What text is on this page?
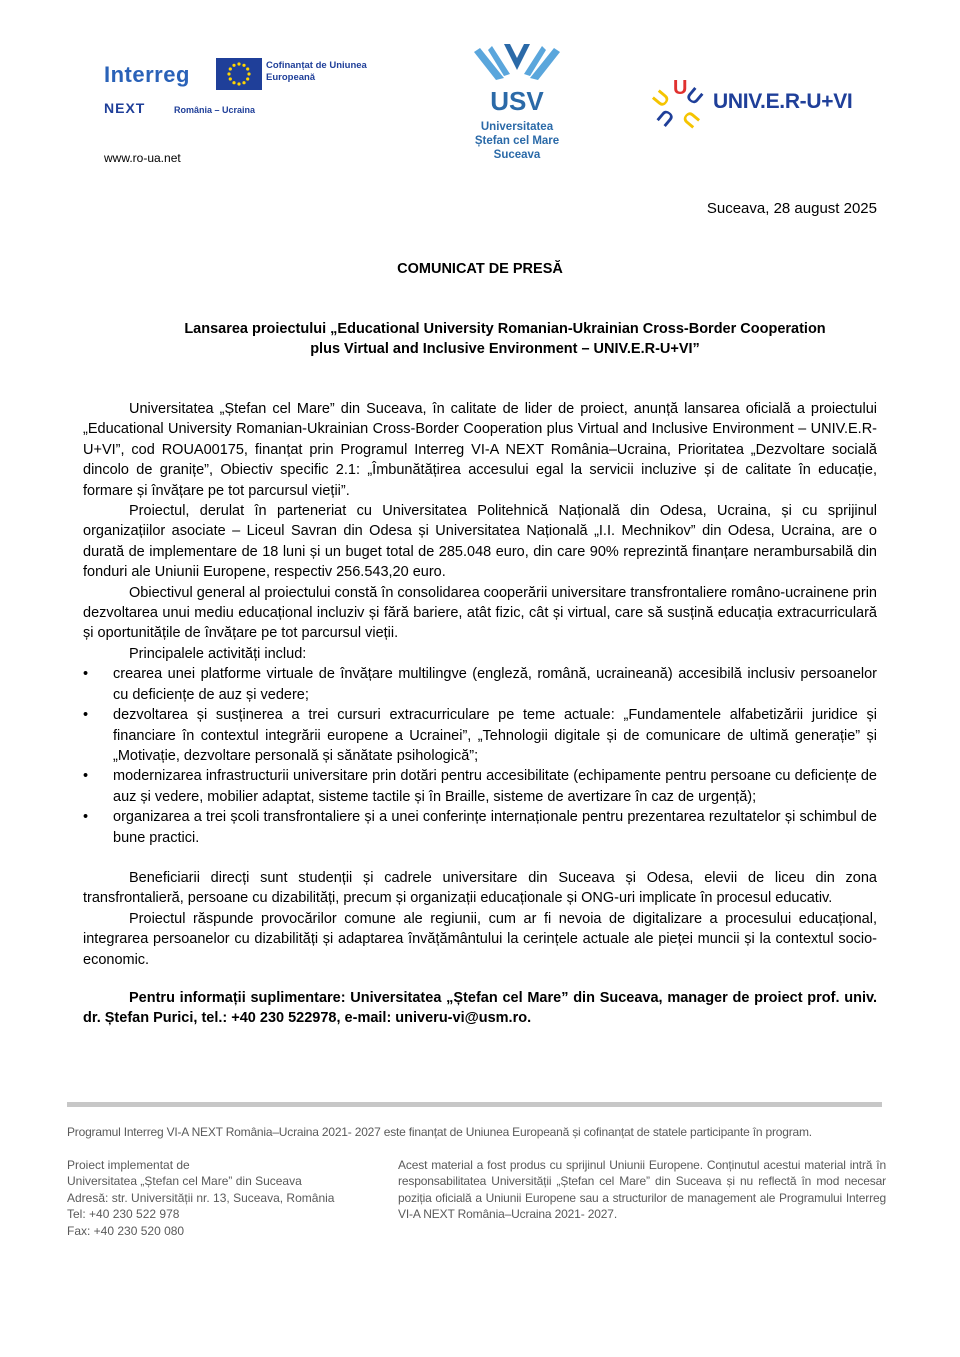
Interreg	Cofinanțat de Uniunea Europeană
NEXT	România – Ucraina
www.ro-ua.net
USV
Universitatea
Ștefan cel Mare
Suceava
U
U
U
U
U UNIV.E.R-U+VI
Suceava, 28 august 2025
COMUNICAT DE PRESĂ
Lansarea proiectului „Educational University Romanian-Ukrainian Cross-Border Cooperation
plus Virtual and Inclusive Environment – UNIV.E.R-U+VI”

Universitatea „Ștefan cel Mare” din Suceava, în calitate de lider de proiect, anunță lansarea oficială a proiectului „Educational University Romanian-Ukrainian Cross-Border Cooperation plus Virtual and Inclusive Environment – UNIV.E.R-U+VI”, cod ROUA00175, finanțat prin Programul Interreg VI-A NEXT România–Ucraina, Prioritatea „Dezvoltare socială dincolo de granițe”, Obiectiv specific 2.1: „Îmbunătățirea accesului egal la servicii incluzive și de calitate în educație, formare și învățare pe tot parcursul vieții”.

Proiectul, derulat în parteneriat cu Universitatea Politehnică Națională din Odesa, Ucraina, și cu sprijinul organizațiilor asociate – Liceul Savran din Odesa și Universitatea Națională „I.I. Mechnikov” din Odesa, Ucraina, are o durată de implementare de 18 luni și un buget total de 285.048 euro, din care 90% reprezintă finanțare nerambursabilă din fonduri ale Uniunii Europene, respectiv 256.543,20 euro.

Obiectivul general al proiectului constă în consolidarea cooperării universitare transfrontaliere româno-ucrainene prin dezvoltarea unui mediu educațional incluziv și fără bariere, atât fizic, cât și virtual, care să susțină educația extracurriculară și oportunitățile de învățare pe tot parcursul vieții.

Principalele activități includ:

• crearea unei platforme virtuale de învățare multilingve (engleză, română, ucraineană) accesibilă inclusiv persoanelor cu deficiențe de auz și vedere;
• dezvoltarea și susținerea a trei cursuri extracurriculare pe teme actuale: „Fundamentele alfabetizării juridice și financiare în contextul integrării europene a Ucrainei”, „Tehnologii digitale și de comunicare de ultimă generație” și „Motivație, dezvoltare personală și sănătate psihologică”;
• modernizarea infrastructurii universitare prin dotări pentru accesibilitate (echipamente pentru persoane cu deficiențe de auz și vedere, mobilier adaptat, sisteme tactile și în Braille, sisteme de avertizare în caz de urgență);
• organizarea a trei școli transfrontaliere și a unei conferințe internaționale pentru prezentarea rezultatelor și schimbul de bune practici.

Beneficiarii direcți sunt studenții și cadrele universitare din Suceava și Odesa, elevii de liceu din zona transfrontalieră, persoane cu dizabilități, precum și organizații educaționale și ONG-uri implicate în procesul educativ.

Proiectul răspunde provocărilor comune ale regiunii, cum ar fi nevoia de digitalizare a procesului educațional, integrarea persoanelor cu dizabilități și adaptarea învățământului la cerințele actuale ale pieței muncii și la contextul socio-economic.

Pentru informații suplimentare: Universitatea „Ștefan cel Mare” din Suceava, manager de proiect prof. univ. dr. Ștefan Purici, tel.: +40 230 522978, e-mail: univeru-vi@usm.ro.

Programul Interreg VI-A NEXT România–Ucraina 2021- 2027 este finanțat de Uniunea Europeană și cofinanțat de statele participante în program.
Proiect implementat de
Universitatea „Ștefan cel Mare” din Suceava
Adresă: str. Universității nr. 13, Suceava, România
Tel: +40 230 522 978
Fax: +40 230 520 080
Acest material a fost produs cu sprijinul Uniunii Europene. Conținutul acestui material intră în responsabilitatea Universității „Ștefan cel Mare” din Suceava și nu reflectă în mod necesar poziția oficială a Uniunii Europene sau a structurilor de management ale Programului Interreg VI-A NEXT România–Ucraina 2021- 2027.
